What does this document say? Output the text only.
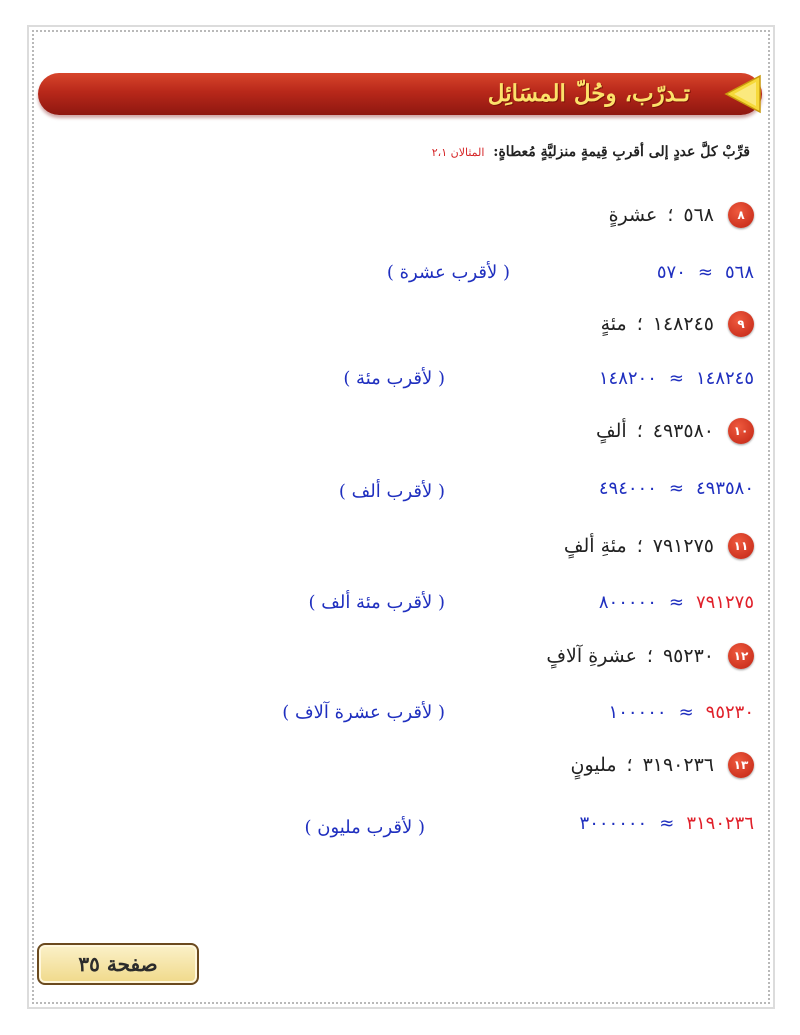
تـدرّب، وحُلّ المسَائِل
قرِّبْ كلَّ عددٍ إلى أقربِ قِيمةٍ منزليَّةٍ مُعطاةٍ: المثالان ٢،١
٨
٥٦٨
؛
عشرةٍ
٥٦٨≈٥٧٠
( لأقرب عشرة )
٩
١٤٨٢٤٥
؛
مئةٍ
١٤٨٢٤٥≈١٤٨٢٠٠
( لأقرب مئة )
١٠
٤٩٣٥٨٠
؛
ألفٍ
٤٩٣٥٨٠≈٤٩٤٠٠٠
( لأقرب ألف )
١١
٧٩١٢٧٥
؛
مئةِ ألفٍ
٧٩١٢٧٥≈٨٠٠٠٠٠
( لأقرب مئة ألف )
١٢
٩٥٢٣٠
؛
عشرةِ آلافٍ
٩٥٢٣٠≈١٠٠٠٠٠
( لأقرب عشرة آلاف )
١٣
٣١٩٠٢٣٦
؛
مليونٍ
٣١٩٠٢٣٦≈٣٠٠٠٠٠٠
( لأقرب مليون )
صفحة ٣٥
